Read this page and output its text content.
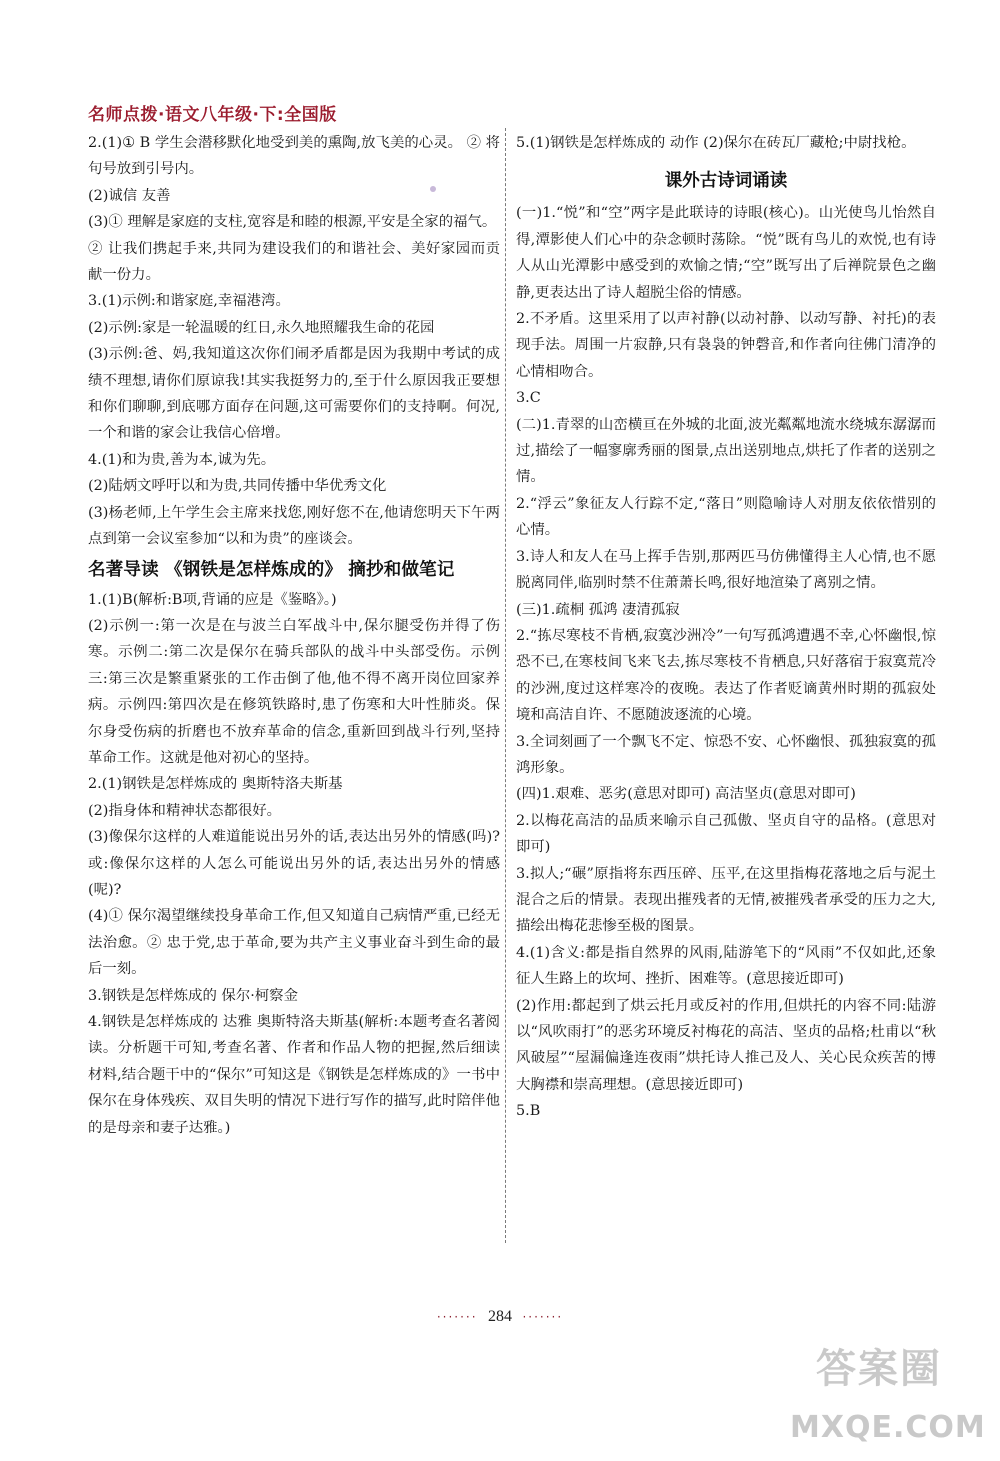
名师点拨·语文八年级·下:全国版

2.(1)① B 学生会潜移默化地受到美的熏陶,放飞美的心灵。 ② 将句号放到引号内。

(2)诚信 友善

(3)① 理解是家庭的支柱,宽容是和睦的根源,平安是全家的福气。

② 让我们携起手来,共同为建设我们的和谐社会、美好家园而贡献一份力。

3.(1)示例:和谐家庭,幸福港湾。

(2)示例:家是一轮温暖的红日,永久地照耀我生命的花园

(3)示例:爸、妈,我知道这次你们闹矛盾都是因为我期中考试的成绩不理想,请你们原谅我!其实我挺努力的,至于什么原因我正要想和你们聊聊,到底哪方面存在问题,这可需要你们的支持啊。何况,一个和谐的家会让我信心倍增。

4.(1)和为贵,善为本,诚为先。

(2)陆炳文呼吁以和为贵,共同传播中华优秀文化

(3)杨老师,上午学生会主席来找您,刚好您不在,他请您明天下午两点到第一会议室参加“以和为贵”的座谈会。

名著导读 《钢铁是怎样炼成的》 摘抄和做笔记

1.(1)B(解析:B项,背诵的应是《鉴略》。)

(2)示例一:第一次是在与波兰白军战斗中,保尔腿受伤并得了伤寒。示例二:第二次是保尔在骑兵部队的战斗中头部受伤。示例三:第三次是繁重紧张的工作击倒了他,他不得不离开岗位回家养病。示例四:第四次是在修筑铁路时,患了伤寒和大叶性肺炎。保尔身受伤病的折磨也不放弃革命的信念,重新回到战斗行列,坚持革命工作。这就是他对初心的坚持。

2.(1)钢铁是怎样炼成的 奥斯特洛夫斯基

(2)指身体和精神状态都很好。

(3)像保尔这样的人难道能说出另外的话,表达出另外的情感(吗)?或:像保尔这样的人怎么可能说出另外的话,表达出另外的情感(呢)?

(4)① 保尔渴望继续投身革命工作,但又知道自己病情严重,已经无法治愈。② 忠于党,忠于革命,要为共产主义事业奋斗到生命的最后一刻。

3.钢铁是怎样炼成的 保尔·柯察金

4.钢铁是怎样炼成的 达雅 奥斯特洛夫斯基(解析:本题考查名著阅读。分析题干可知,考查名著、作者和作品人物的把握,然后细读材料,结合题干中的“保尔”可知这是《钢铁是怎样炼成的》一书中保尔在身体残疾、双目失明的情况下进行写作的描写,此时陪伴他的是母亲和妻子达雅。)

5.(1)钢铁是怎样炼成的 动作 (2)保尔在砖瓦厂藏枪;中尉找枪。

课外古诗词诵读

(一)1.“悦”和“空”两字是此联诗的诗眼(核心)。山光使鸟儿怡然自得,潭影使人们心中的杂念顿时荡除。“悦”既有鸟儿的欢悦,也有诗人从山光潭影中感受到的欢愉之情;“空”既写出了后禅院景色之幽静,更表达出了诗人超脱尘俗的情感。

2.不矛盾。这里采用了以声衬静(以动衬静、以动写静、衬托)的表现手法。周围一片寂静,只有袅袅的钟磬音,和作者向往佛门清净的心情相吻合。

3.C

(二)1.青翠的山峦横亘在外城的北面,波光粼粼地流水绕城东潺潺而过,描绘了一幅寥廓秀丽的图景,点出送别地点,烘托了作者的送别之情。

2.“浮云”象征友人行踪不定,“落日”则隐喻诗人对朋友依依惜别的心情。

3.诗人和友人在马上挥手告别,那两匹马仿佛懂得主人心情,也不愿脱离同伴,临别时禁不住萧萧长鸣,很好地渲染了离别之情。

(三)1.疏桐 孤鸿 凄清孤寂

2.“拣尽寒枝不肯栖,寂寞沙洲冷”一句写孤鸿遭遇不幸,心怀幽恨,惊恐不已,在寒枝间飞来飞去,拣尽寒枝不肯栖息,只好落宿于寂寞荒冷的沙洲,度过这样寒冷的夜晚。表达了作者贬谪黄州时期的孤寂处境和高洁自许、不愿随波逐流的心境。

3.全词刻画了一个飘飞不定、惊恐不安、心怀幽恨、孤独寂寞的孤鸿形象。

(四)1.艰难、恶劣(意思对即可) 高洁坚贞(意思对即可)

2.以梅花高洁的品质来喻示自己孤傲、坚贞自守的品格。(意思对即可)

3.拟人;“碾”原指将东西压碎、压平,在这里指梅花落地之后与泥土混合之后的情景。表现出摧残者的无情,被摧残者承受的压力之大,描绘出梅花悲惨至极的图景。

4.(1)含义:都是指自然界的风雨,陆游笔下的“风雨”不仅如此,还象征人生路上的坎坷、挫折、困难等。(意思接近即可)

(2)作用:都起到了烘云托月或反衬的作用,但烘托的内容不同:陆游以“风吹雨打”的恶劣环境反衬梅花的高洁、坚贞的品格;杜甫以“秋风破屋”“屋漏偏逢连夜雨”烘托诗人推己及人、关心民众疾苦的博大胸襟和崇高理想。(意思接近即可)

5.B

······· 284 ·······
答案圈
MXQE.COM
